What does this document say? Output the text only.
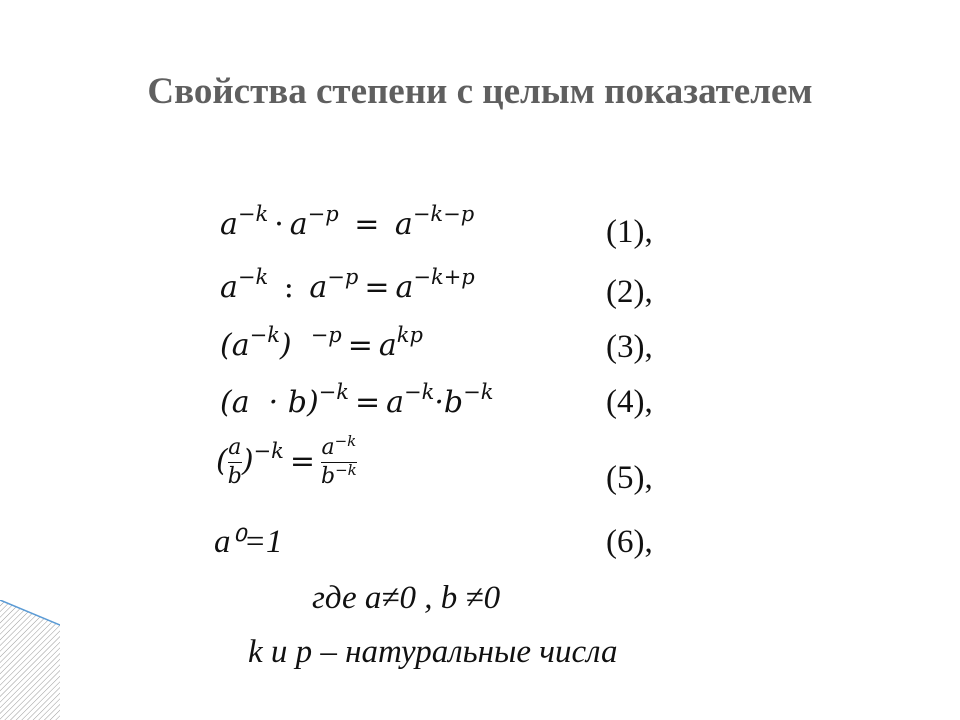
Свойства степени с целым показателем
$a^{-k} \cdot a^{-p} = a^{-k-p}$	(1),
$a^{-k}$ : $a^{-p} = a^{-k+p}$	(2),
$(a^{-k}) ^{-p} = a^{kp}$	(3),
$(a \cdot b)^{-k} = a^{-k}\cdot b^{-k}$	(4),
( $\frac{a}{b} )^{-k} = \frac{a^{-k}}{b^{-k}}$	(5),
a⁰=1	(6),
где a≠0 , b ≠0
k и p – натуральные числа
